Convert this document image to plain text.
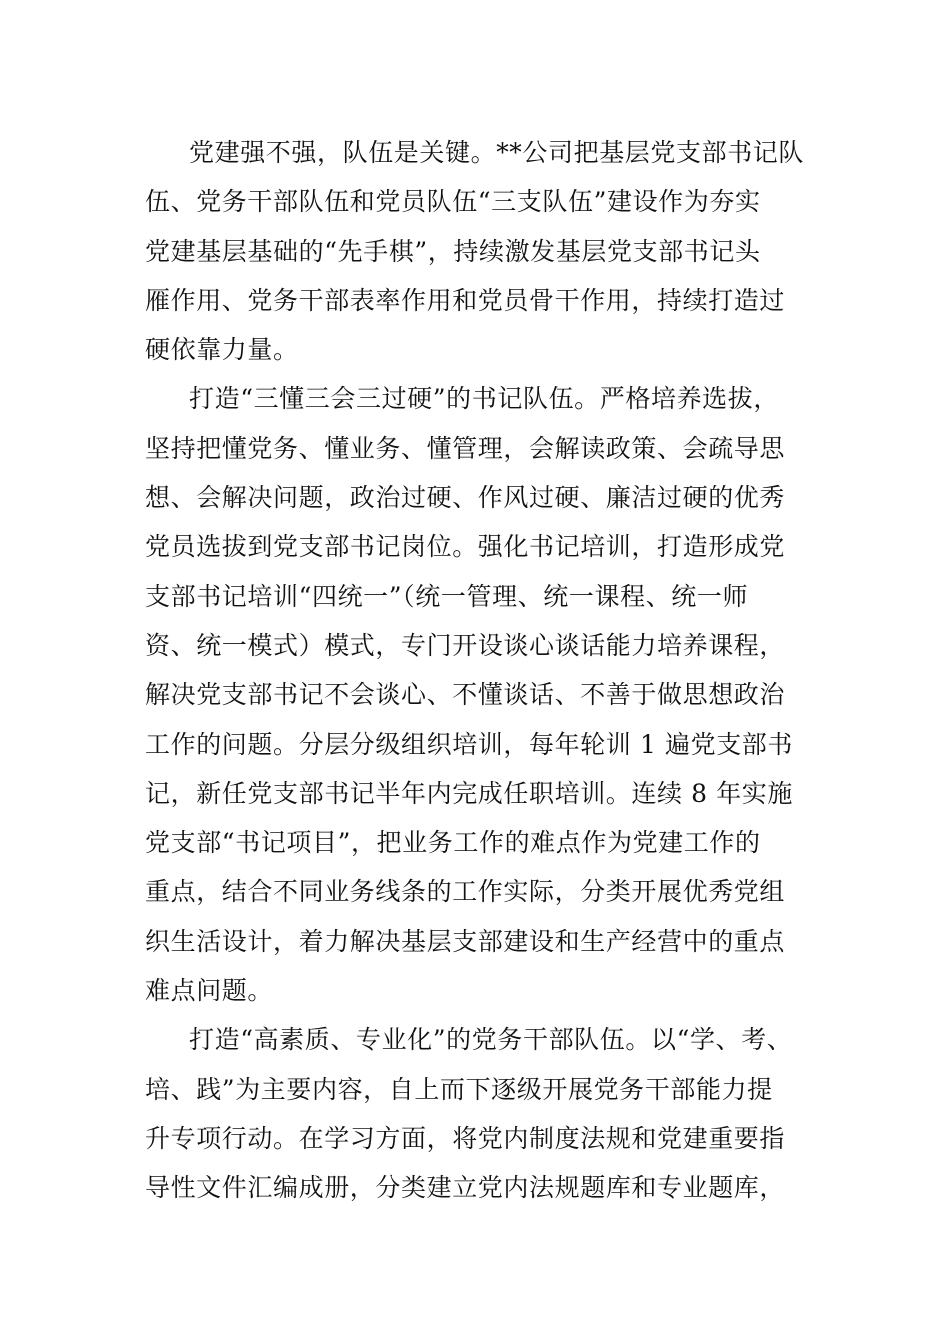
党建强不强，队伍是关键。**公司把基层党支部书记队
伍、党务干部队伍和党员队伍“三支队伍”建设作为夯实
党建基层基础的“先手棋”，持续激发基层党支部书记头
雁作用、党务干部表率作用和党员骨干作用，持续打造过
硬依靠力量。
打造“三懂三会三过硬”的书记队伍。严格培养选拔，
坚持把懂党务、懂业务、懂管理，会解读政策、会疏导思
想、会解决问题，政治过硬、作风过硬、廉洁过硬的优秀
党员选拔到党支部书记岗位。强化书记培训，打造形成党
支部书记培训“四统一”（统一管理、统一课程、统一师
资、统一模式）模式，专门开设谈心谈话能力培养课程，
解决党支部书记不会谈心、不懂谈话、不善于做思想政治
工作的问题。分层分级组织培训，每年轮训 1 遍党支部书
记，新任党支部书记半年内完成任职培训。连续 8 年实施
党支部“书记项目”，把业务工作的难点作为党建工作的
重点，结合不同业务线条的工作实际，分类开展优秀党组
织生活设计，着力解决基层支部建设和生产经营中的重点
难点问题。
打造“高素质、专业化”的党务干部队伍。以“学、考、
培、践”为主要内容，自上而下逐级开展党务干部能力提
升专项行动。在学习方面，将党内制度法规和党建重要指
导性文件汇编成册，分类建立党内法规题库和专业题库，
